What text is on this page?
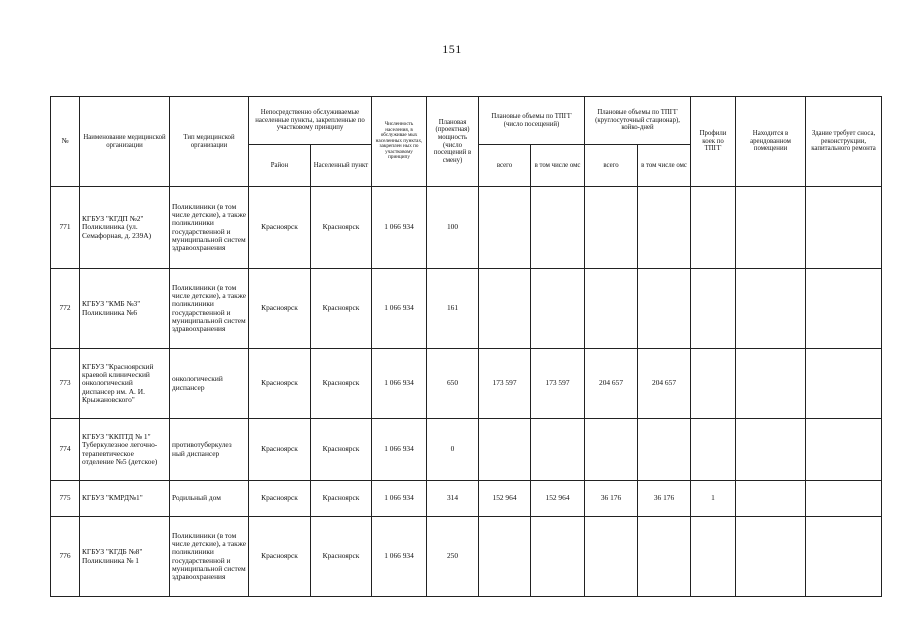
151
№	Наименование медицинской организации	Тип медицинской организации	Непосредственно обслуживаемые населенные пункты, закрепленные по участковому принципу		Численность населения, в обслуживае мых населенных пунктах, закреплен ных по участковому принципу	Плановая (проектная) мощность (число посещений в смену)	Плановые объемы по ТПГГ (число посещений)		Плановые объемы по ТПГГ (круглосуточный стационар), койко-дней		Профили коек по ТПГГ	Находится в арендованном помещении	Здание требует сноса, реконструкции, капитального ремонта
			Район	Населенный пункт			всего	в том числе омс	всего	в том числе омс			
771	КГБУЗ "КГДП №2" Поликлиника (ул. Семафорная, д. 239А)	Поликлиники (в том числе детские), а также поликлиники государственной и муниципальной систем здравоохранения	Красноярск	Красноярск	1 066 934	100							
772	КГБУЗ "КМБ №3" Поликлиника №6	Поликлиники (в том числе детские), а также поликлиники государственной и муниципальной систем здравоохранения	Красноярск	Красноярск	1 066 934	161							
773	КГБУЗ "Красноярский краевой клинический онкологический диспансер им. А. И. Крыжановского"	онкологический диспансер	Красноярск	Красноярск	1 066 934	650	173 597	173 597	204 657	204 657			
774	КГБУЗ "ККПТД № 1" Туберкулезное легочно-терапевтическое отделение №5 (детское)	противотуберкулез ный диспансер	Красноярск	Красноярск	1 066 934	0							
775	КГБУЗ "КМРД№1"	Родильный дом	Красноярск	Красноярск	1 066 934	314	152 964	152 964	36 176	36 176	1		
776	КГБУЗ "КГДБ №8" Поликлиника № 1	Поликлиники (в том числе детские), а также поликлиники государственной и муниципальной систем здравоохранения	Красноярск	Красноярск	1 066 934	250							
